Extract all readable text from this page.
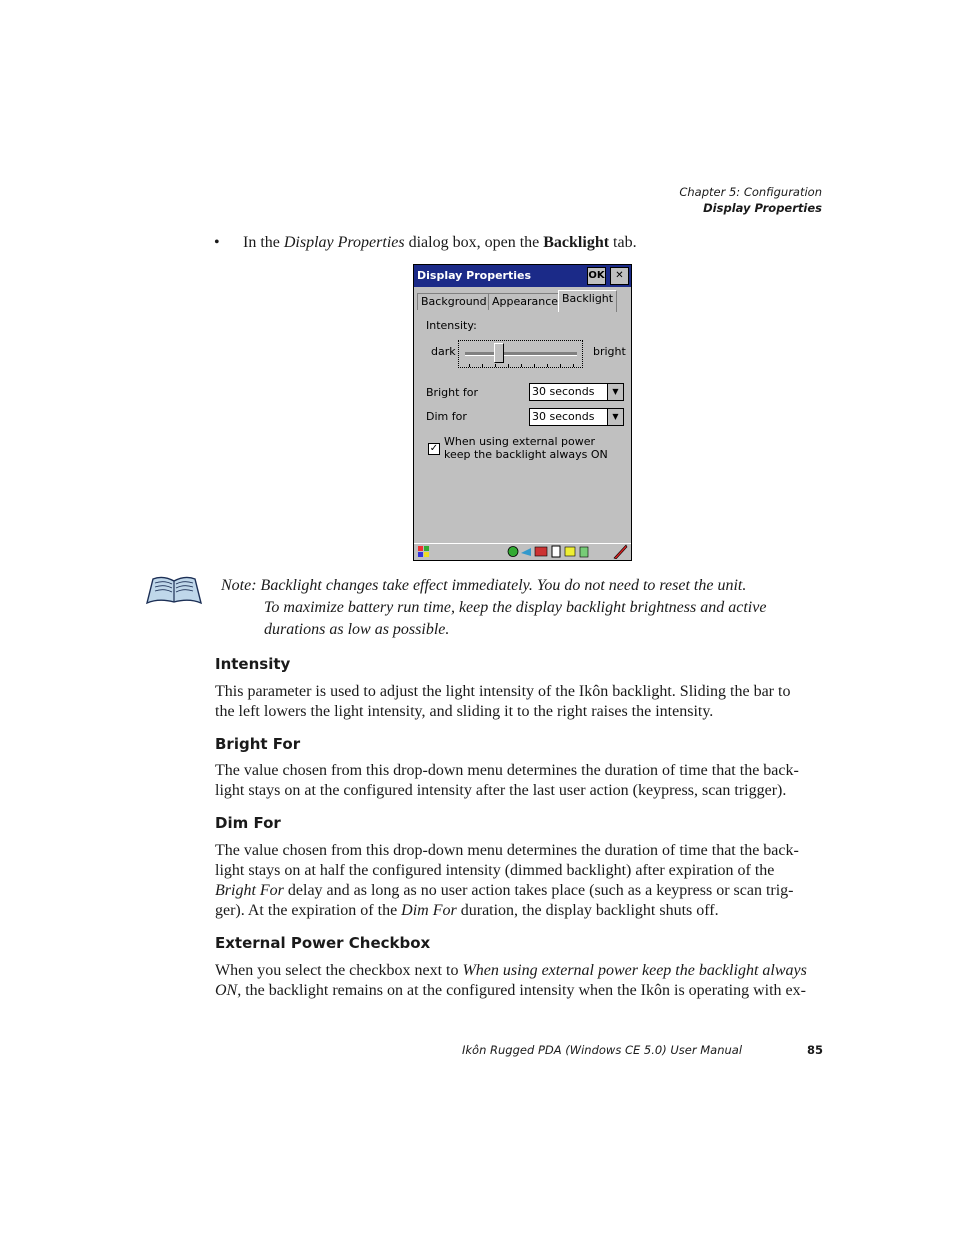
Chapter 5: Configuration
Display Properties
• In the Display Properties dialog box, open the Backlight tab.
Display Properties	OK	✕
Background Appearance Backlight
Intensity:
dark	bright
Bright for	30 seconds	▼
Dim for	30 seconds	▼
✓
When using external power keep the backlight always ON
Note: Backlight changes take effect immediately. You do not need to reset the unit.
To maximize battery run time, keep the display backlight brightness and active
durations as low as possible.
Intensity
This parameter is used to adjust the light intensity of the Ikôn backlight. Sliding the bar to
the left lowers the light intensity, and sliding it to the right raises the intensity.
Bright For
The value chosen from this drop-down menu determines the duration of time that the back-
light stays on at the configured intensity after the last user action (keypress, scan trigger).
Dim For
The value chosen from this drop-down menu determines the duration of time that the back-
light stays on at half the configured intensity (dimmed backlight) after expiration of the
Bright For delay and as long as no user action takes place (such as a keypress or scan trig-
ger). At the expiration of the Dim For duration, the display backlight shuts off.
External Power Checkbox
When you select the checkbox next to When using external power keep the backlight always
ON, the backlight remains on at the configured intensity when the Ikôn is operating with ex-
Ikôn Rugged PDA (Windows CE 5.0) User Manual	85
